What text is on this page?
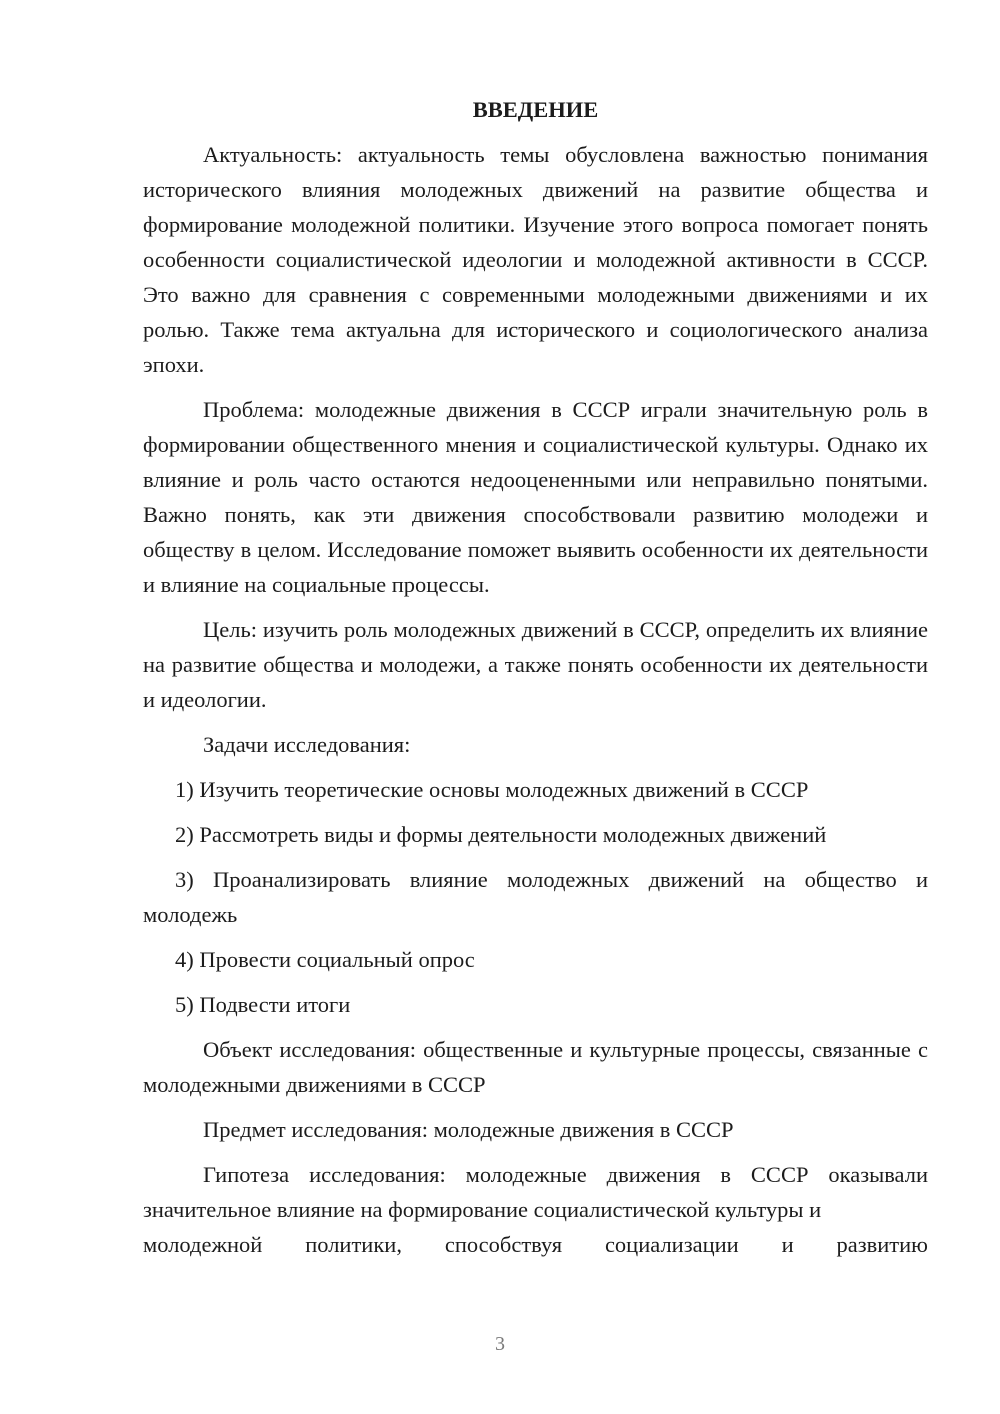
ВВЕДЕНИЕ

Актуальность: актуальность темы обусловлена важностью понимания исторического влияния молодежных движений на развитие общества и формирование молодежной политики. Изучение этого вопроса помогает понять особенности социалистической идеологии и молодежной активности в СССР. Это важно для сравнения с современными молодежными движениями и их ролью. Также тема актуальна для исторического и социологического анализа эпохи.

Проблема: молодежные движения в СССР играли значительную роль в формировании общественного мнения и социалистической культуры. Однако их влияние и роль часто остаются недооцененными или неправильно понятыми. Важно понять, как эти движения способствовали развитию молодежи и обществу в целом. Исследование поможет выявить особенности их деятельности и влияние на социальные процессы.

Цель: изучить роль молодежных движений в СССР, определить их влияние на развитие общества и молодежи, а также понять особенности их деятельности и идеологии.

Задачи исследования:

1) Изучить теоретические основы молодежных движений в СССР

2) Рассмотреть виды и формы деятельности молодежных движений

3) Проанализировать влияние молодежных движений на общество и молодежь

4) Провести социальный опрос

5) Подвести итоги

Объект исследования: общественные и культурные процессы, связанные с молодежными движениями в СССР

Предмет исследования: молодежные движения в СССР

Гипотеза исследования: молодежные движения в СССР оказывали значительное влияние на формирование социалистической культуры и

молодежной политики, способствуя социализации и развитию

3
